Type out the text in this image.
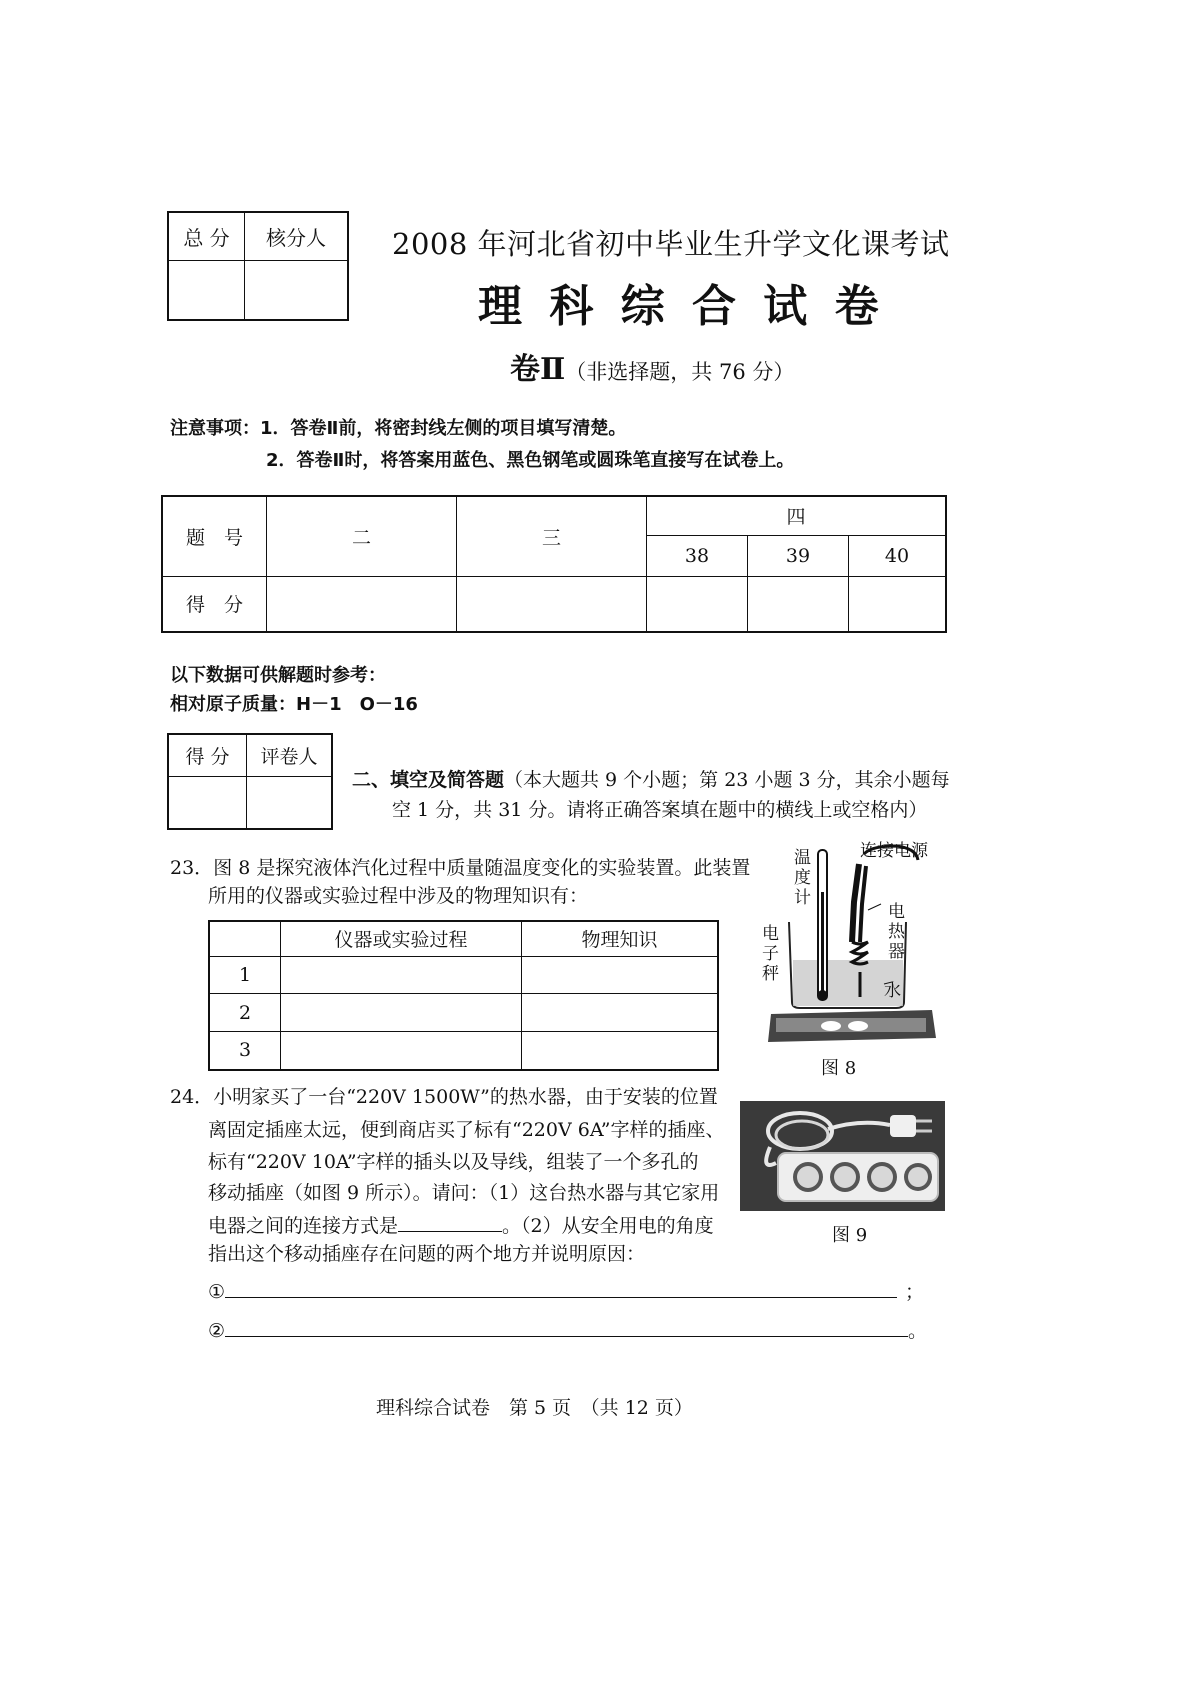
总 分	核分人
	2008 年河北省初中毕业生升学文化课考试
理 科 综 合 试 卷
卷Ⅱ（非选择题，共 76 分）
注意事项：1．答卷Ⅱ前，将密封线左侧的项目填写清楚。
2．答卷Ⅱ时，将答案用蓝色、黑色钢笔或圆珠笔直接写在试卷上。
题　号	二	三	四		
			38	39	40
得　分					
以下数据可供解题时参考：
相对原子质量：H－1　O－16
得 分	评卷人

二、填空及简答题（本大题共 9 个小题；第 23 小题 3 分，其余小题每
空 1 分，共 31 分。请将正确答案填在题中的横线上或空格内）
23．图 8 是探究液体汽化过程中质量随温度变化的实验装置。此装置
所用的仪器或实验过程中涉及的物理知识有：
	仪器或实验过程	物理知识
1		
2		
3		
连接电源
温度计
电热器
电子秤
水
图 8
24．小明家买了一台“220V 1500W”的热水器，由于安装的位置
离固定插座太远，便到商店买了标有“220V 6A”字样的插座、
标有“220V 10A”字样的插头以及导线，组装了一个多孔的
移动插座（如图 9 所示）。请问：（1）这台热水器与其它家用
电器之间的连接方式是	。（2）从安全用电的角度
指出这个移动插座存在问题的两个地方并说明原因：
①	；
②	。
图 9
理科综合试卷　第 5 页　（共 12 页）
